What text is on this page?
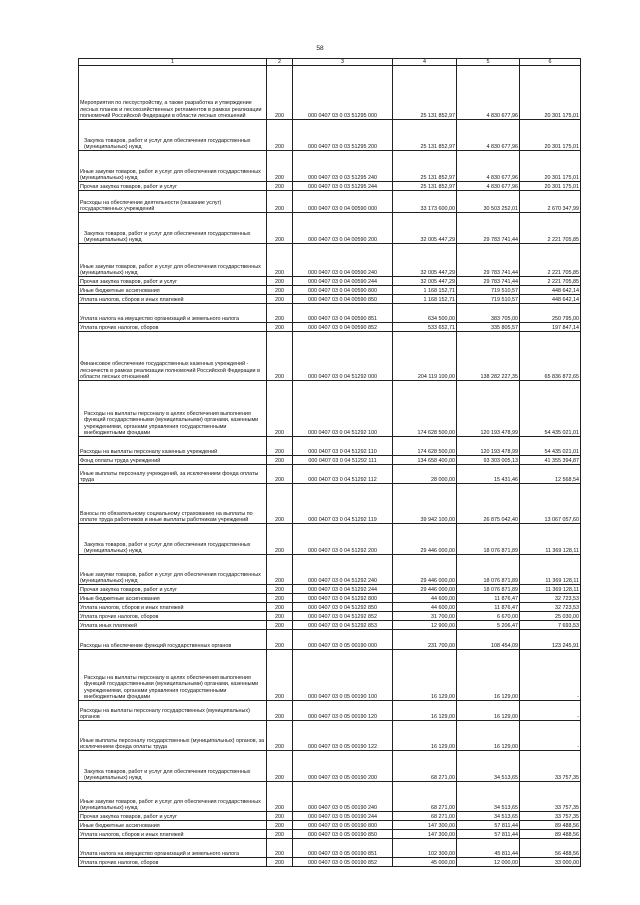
58
1	2	3	4	5	6
Мероприятия по лесоустройству, а также разработка и утверждение лесных планов и лесохозяйственных регламентов в рамках реализации полномочий Российской Федерации в области лесных отношений	200	000 0407 03 0 03 51295 000	25 131 852,97	4 830 677,96	20 301 175,01
Закупка товаров, работ и услуг для обеспечения государственных (муниципальных) нужд	200	000 0407 03 0 03 51295 200	25 131 852,97	4 830 677,96	20 301 175,01
Иные закупки товаров, работ и услуг для обеспечения государственных (муниципальных) нужд	200	000 0407 03 0 03 51295 240	25 131 852,97	4 830 677,96	20 301 175,01
Прочая закупка товаров, работ и услуг	200	000 0407 03 0 03 51295 244	25 131 852,97	4 830 677,96	20 301 175,01
Расходы на обеспечение деятельности (оказание услуг) государственных учреждений	200	000 0407 03 0 04 00590 000	33 173 600,00	30 503 252,01	2 670 347,99
Закупка товаров, работ и услуг для обеспечения государственных (муниципальных) нужд	200	000 0407 03 0 04 00590 200	32 005 447,29	29 783 741,44	2 221 705,85
Иные закупки товаров, работ и услуг для обеспечения государственных (муниципальных) нужд	200	000 0407 03 0 04 00590 240	32 005 447,29	29 783 741,44	2 221 705,85
Прочая закупка товаров, работ и услуг	200	000 0407 03 0 04 00590 244	32 005 447,29	29 783 741,44	2 221 705,85
Иные бюджетные ассигнования	200	000 0407 03 0 04 00590 800	1 168 152,71	719 510,57	448 642,14
Уплата налогов, сборов и иных платежей	200	000 0407 03 0 04 00590 850	1 168 152,71	719 510,57	448 642,14
Уплата налога на имущество организаций и земельного налога	200	000 0407 03 0 04 00590 851	634 500,00	383 705,00	250 795,00
Уплата прочих налогов, сборов	200	000 0407 03 0 04 00590 852	533 652,71	335 805,57	197 847,14
Финансовое обеспечение государственных казенных учреждений - лесничеств в рамках реализации полномочий Российской Федерации в области лесных отношений	200	000 0407 03 0 04 51292 000	204 119 100,00	138 282 227,35	65 836 872,65
Расходы на выплаты персоналу в целях обеспечения выполнения функций государственными (муниципальными) органами, казенными учреждениями, органами управления государственными внебюджетными фондами	200	000 0407 03 0 04 51292 100	174 628 500,00	120 193 478,99	54 435 021,01
Расходы на выплаты персоналу казенных учреждений	200	000 0407 03 0 04 51292 110	174 628 500,00	120 193 478,99	54 435 021,01
Фонд оплаты труда учреждений	200	000 0407 03 0 04 51292 111	134 658 400,00	93 303 005,13	41 355 394,87
Иные выплаты персоналу учреждений, за исключением фонда оплаты труда	200	000 0407 03 0 04 51292 112	28 000,00	15 431,46	12 568,54
Взносы по обязательному социальному страхованию на выплаты по оплате труда работников и иные выплаты работникам учреждений	200	000 0407 03 0 04 51292 119	39 942 100,00	26 875 042,40	13 067 057,60
Закупка товаров, работ и услуг для обеспечения государственных (муниципальных) нужд	200	000 0407 03 0 04 51292 200	29 446 000,00	18 076 871,89	11 369 128,11
Иные закупки товаров, работ и услуг для обеспечения государственных (муниципальных) нужд	200	000 0407 03 0 04 51292 240	29 446 000,00	18 076 871,89	11 369 128,11
Прочая закупка товаров, работ и услуг	200	000 0407 03 0 04 51292 244	29 446 000,00	18 076 871,89	11 369 128,11
Иные бюджетные ассигнования	200	000 0407 03 0 04 51292 800	44 600,00	11 876,47	32 723,53
Уплата налогов, сборов и иных платежей	200	000 0407 03 0 04 51292 850	44 600,00	11 876,47	32 723,53
Уплата прочих налогов, сборов	200	000 0407 03 0 04 51292 852	31 700,00	6 670,00	25 030,00
Уплата иных платежей	200	000 0407 03 0 04 51292 853	12 900,00	5 206,47	7 693,53
Расходы на обеспечение функций государственных органов	200	000 0407 03 0 05 00190 000	231 700,00	108 454,09	123 245,91
Расходы на выплаты персоналу в целях обеспечения выполнения функций государственными (муниципальными) органами, казенными учреждениями, органами управления государственными внебюджетными фондами	200	000 0407 03 0 05 00190 100	16 129,00	16 129,00	-
Расходы на выплаты персоналу государственных (муниципальных) органов	200	000 0407 03 0 05 00190 120	16 129,00	16 129,00	-
Иные выплаты персоналу государственных (муниципальных) органов, за исключением фонда оплаты труда	200	000 0407 03 0 05 00190 122	16 129,00	16 129,00	-
Закупка товаров, работ и услуг для обеспечения государственных (муниципальных) нужд	200	000 0407 03 0 05 00190 200	68 271,00	34 513,65	33 757,35
Иные закупки товаров, работ и услуг для обеспечения государственных (муниципальных) нужд	200	000 0407 03 0 05 00190 240	68 271,00	34 513,65	33 757,35
Прочая закупка товаров, работ и услуг	200	000 0407 03 0 05 00190 244	68 271,00	34 513,65	33 757,35
Иные бюджетные ассигнования	200	000 0407 03 0 05 00190 800	147 300,00	57 811,44	89 488,56
Уплата налогов, сборов и иных платежей	200	000 0407 03 0 05 00190 850	147 300,00	57 811,44	89 488,56
Уплата налога на имущество организаций и земельного налога	200	000 0407 03 0 05 00190 851	102 300,00	45 811,44	56 488,56
Уплата прочих налогов, сборов	200	000 0407 03 0 05 00190 852	45 000,00	12 000,00	33 000,00
